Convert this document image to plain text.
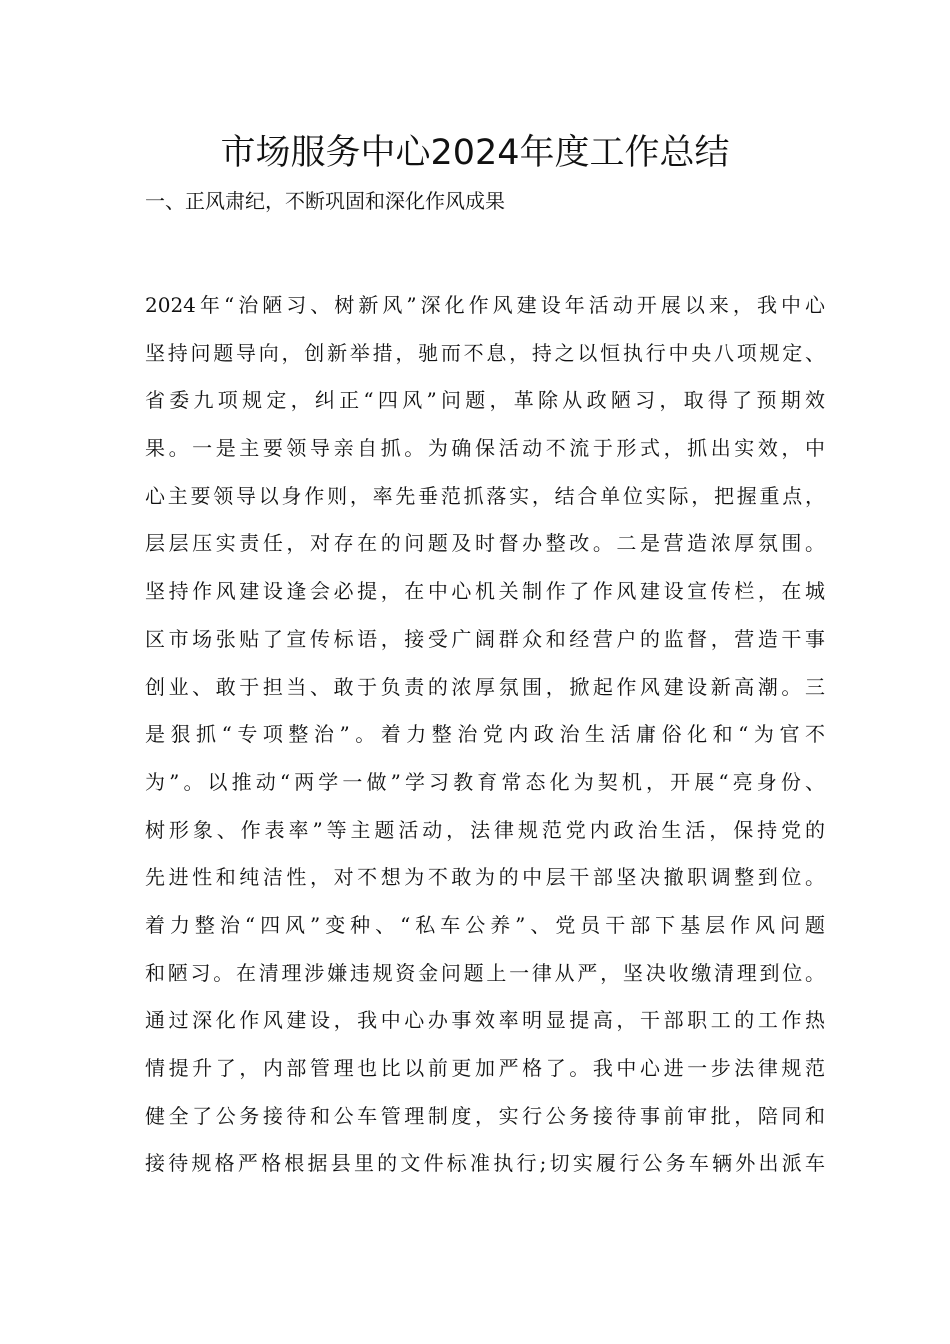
市场服务中心2024年度工作总结
一、正风肃纪，不断巩固和深化作风成果
2024年“治陋习、树新风”深化作风建设年活动开展以来，我中心
坚持问题导向，创新举措，驰而不息，持之以恒执行中央八项规定、
省委九项规定，纠正“四风”问题，革除从政陋习，取得了预期效
果。一是主要领导亲自抓。为确保活动不流于形式，抓出实效，中
心主要领导以身作则，率先垂范抓落实，结合单位实际，把握重点，
层层压实责任，对存在的问题及时督办整改。二是营造浓厚氛围。
坚持作风建设逢会必提，在中心机关制作了作风建设宣传栏，在城
区市场张贴了宣传标语，接受广阔群众和经营户的监督，营造干事
创业、敢于担当、敢于负责的浓厚氛围，掀起作风建设新高潮。三
是狠抓“专项整治”。着力整治党内政治生活庸俗化和“为官不
为”。以推动“两学一做”学习教育常态化为契机，开展“亮身份、
树形象、作表率”等主题活动，法律规范党内政治生活，保持党的
先进性和纯洁性，对不想为不敢为的中层干部坚决撤职调整到位。
着力整治“四风”变种、“私车公养”、党员干部下基层作风问题
和陋习。在清理涉嫌违规资金问题上一律从严，坚决收缴清理到位。
通过深化作风建设，我中心办事效率明显提高，干部职工的工作热
情提升了，内部管理也比以前更加严格了。我中心进一步法律规范
健全了公务接待和公车管理制度，实行公务接待事前审批，陪同和
接待规格严格根据县里的文件标准执行;切实履行公务车辆外出派车
